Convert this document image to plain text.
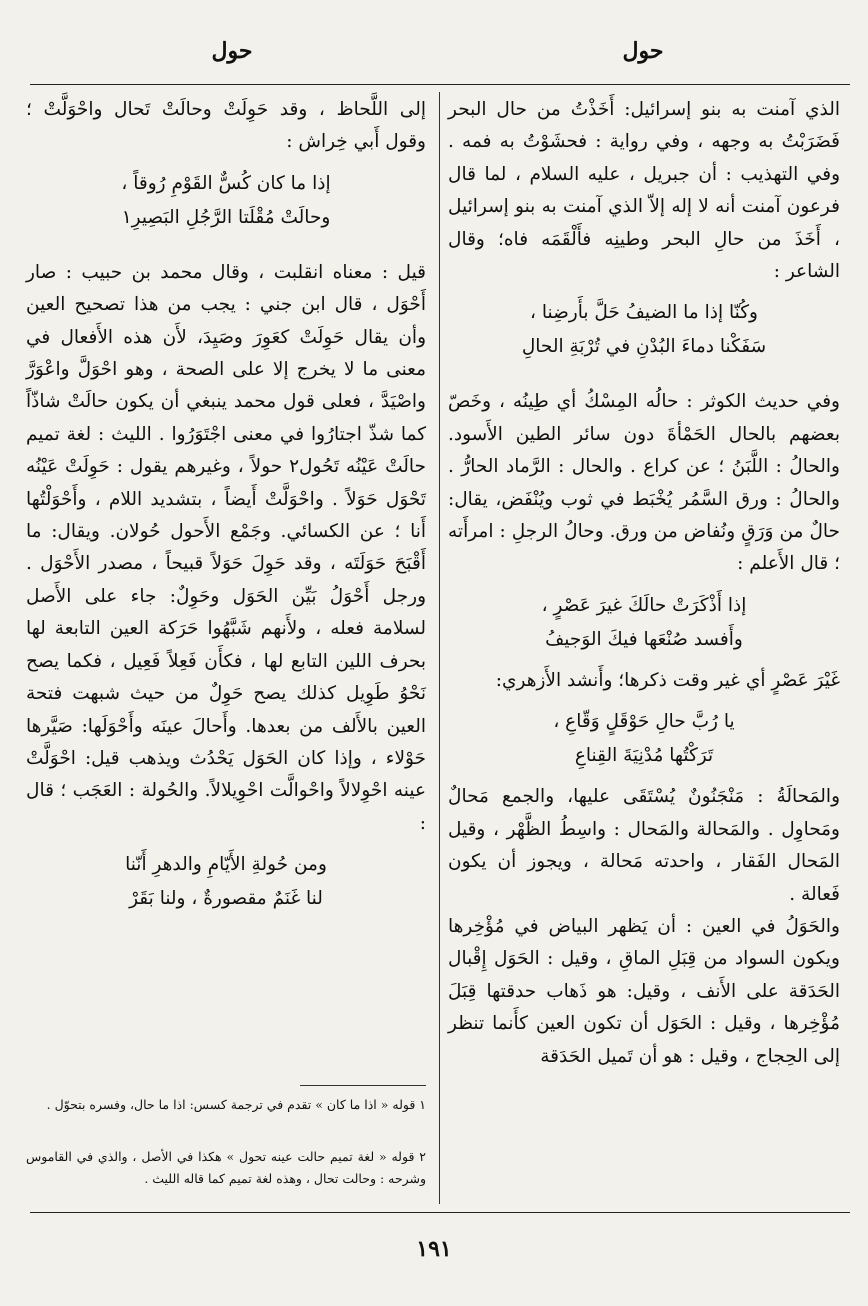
حول
حول

الذي آمنت به بنو إسرائيل: أَخَذْتُ من حال البحر فَضَرَبْتُ به وجهه ، وفي رواية : فحشَوْتُ به فمه . وفي التهذيب : أن جبريل ، عليه السلام ، لما قال فرعون آمنت أنه لا إله إلاّ الذي آمنت به بنو إسرائيل ، أَخَذَ من حالِ البحر وطينِه فأَلْقَمَه فاه؛ وقال الشاعر :

وكُنّا إذا ما الضيفُ حَلَّ بأَرضِنا ،

سَفَكْنا دماءَ البُدْنِ في تُرْبَةِ الحالِ

وفي حديث الكوثر : حالُه المِسْكُ أي طِينُه ، وخَصّ بعضهم بالحال الحَمْأةَ دون سائر الطين الأَسود. والحالُ : اللَّبَنُ ؛ عن كراع . والحال : الرَّماد الحارُّ . والحالُ : ورق السَّمُر يُخْبَط في ثوب ويُنْفَض، يقال: حالٌ من وَرَقٍ ونُفاض من ورق. وحالُ الرجلِ : امرأَته ؛ قال الأَعلم :

إذا أَذْكَرَتْ حالَكَ غيرَ عَصْرٍ ،

وأَفسد صُنْعَها فيكَ الوَجيفُ

غَيْرَ عَصْرٍ أي غير وقت ذكرها؛ وأَنشد الأَزهري:

يا رُبَّ حالِ حَوْقَلٍ وَقّاعِ ،

تَرَكْتُها مُدْنِيَةَ القِناعِ

والمَحالَةُ : مَنْجَنُونٌ يُسْتَقَى عليها، والجمع مَحالٌ ومَحاوِل . والمَحالة والمَحال : واسِطُ الظَّهْر ، وقيل المَحال الفَقار ، واحدته مَحالة ، ويجوز أن يكون فَعالة .

والحَوَلُ في العين : أن يَظهر البياض في مُؤْخِرها ويكون السواد من قِبَلِ الماقِ ، وقيل : الحَوَل إِقْبال الحَدَقة على الأَنف ، وقيل: هو ذَهاب حدقتها قِبَلَ مُؤْخِرها ، وقيل : الحَوَل أن تكون العين كأَنما تنظر إلى الحِجاج ، وقيل : هو أن تَميل الحَدَقة

إلى اللَّحاظ ، وقد حَوِلَتْ وحالَتْ تَحال واحْوَلَّتْ ؛ وقول أَبي خِراش :

إذا ما كان كُسٌّ القَوْمِ رُوقاً ،

وحالَتْ مُقْلَتا الرَّجُلِ البَصِيرِ١

قيل : معناه انقلبت ، وقال محمد بن حبيب : صار أَحْوَل ، قال ابن جني : يجب من هذا تصحيح العين وأن يقال حَوِلَتْ كعَوِرَ وصَيِدَ، لأَن هذه الأَفعال في معنى ما لا يخرج إلا على الصحة ، وهو احْوَلَّ واعْوَرَّ واصْيَدَّ ، فعلى قول محمد ينبغي أن يكون حالَتْ شاذّاً كما شذّ اجتارُوا في معنى اجْتَوَرُوا . الليث : لغة تميم حالَتْ عَيْنُه تَحُول٢ حولاً ، وغيرهم يقول : حَوِلَتْ عَيْنُه تَحْوَل حَوَلاً . واحْوَلَّتْ أَيضاً ، بتشديد اللام ، وأَحْوَلْتُها أَنا ؛ عن الكسائي. وجَمْع الأَحول حُولان. ويقال: ما أَقْبَحَ حَوَلَتَه ، وقد حَوِلَ حَوَلاً قبيحاً ، مصدر الأَحْوَل . ورجل أَحْوَلُ بَيِّن الحَوَل وحَوِلٌ: جاء على الأَصل لسلامة فعله ، ولأَنهم شَبَّهُوا حَرَكة العين التابعة لها بحرف اللين التابع لها ، فكأَن فَعِلاً فَعِيل ، فكما يصح نَحْوُ طَوِيل كذلك يصح حَوِلٌ من حيث شبهت فتحة العين بالأَلف من بعدها. وأَحالَ عينَه وأَحْوَلَها: صَيَّرها حَوْلاء ، وإذا كان الحَوَل يَحْدُث ويذهب قيل: احْوَلَّتْ عينه احْوِلالاً واحْوالَّت احْوِيلالاً. والحُولة : العَجَب ؛ قال :

ومن حُولةِ الأَيّامِ والدهرِ أَنّنا

لنا غَنَمٌ مقصورةٌ ، ولنا بَقَرْ

١ قوله « اذا ما كان » تقدم في ترجمة كسس: اذا ما حال، وفسره بتحوّل .
٢ قوله « لغة تميم حالت عينه تحول » هكذا في الأصل ، والذي في القاموس وشرحه : وحالت تحال ، وهذه لغة تميم كما قاله الليث .
١٩١
